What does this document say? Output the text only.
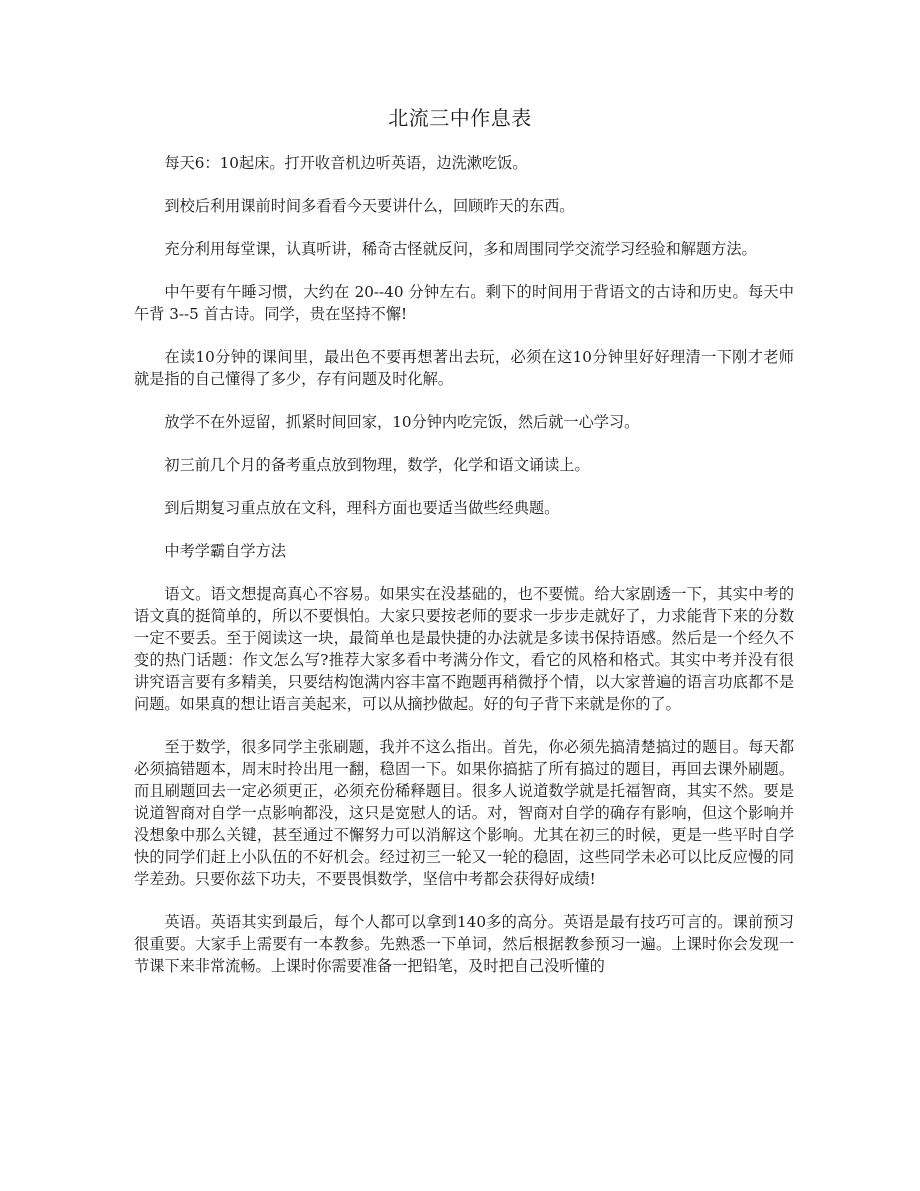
北流三中作息表

每天6：10起床。打开收音机边听英语，边洗漱吃饭。

到校后利用课前时间多看看今天要讲什么，回顾昨天的东西。

充分利用每堂课，认真听讲，稀奇古怪就反问，多和周围同学交流学习经验和解题方法。

中午要有午睡习惯，大约在 20--40 分钟左右。剩下的时间用于背语文的古诗和历史。每天中午背 3--5 首古诗。同学，贵在坚持不懈!

在读10分钟的课间里，最出色不要再想著出去玩，必须在这10分钟里好好理清一下刚才老师就是指的自己懂得了多少，存有问题及时化解。

放学不在外逗留，抓紧时间回家，10分钟内吃完饭，然后就一心学习。

初三前几个月的备考重点放到物理，数学，化学和语文诵读上。

到后期复习重点放在文科，理科方面也要适当做些经典题。

中考学霸自学方法

语文。语文想提高真心不容易。如果实在没基础的，也不要慌。给大家剧透一下，其实中考的语文真的挺简单的，所以不要惧怕。大家只要按老师的要求一步步走就好了，力求能背下来的分数一定不要丢。至于阅读这一块，最简单也是最快捷的办法就是多读书保持语感。然后是一个经久不变的热门话题：作文怎么写?推荐大家多看中考满分作文，看它的风格和格式。其实中考并没有很讲究语言要有多精美，只要结构饱满内容丰富不跑题再稍微抒个情，以大家普遍的语言功底都不是问题。如果真的想让语言美起来，可以从摘抄做起。好的句子背下来就是你的了。

至于数学，很多同学主张刷题，我并不这么指出。首先，你必须先搞清楚搞过的题目。每天都必须搞错题本，周末时拎出甩一翻，稳固一下。如果你搞掂了所有搞过的题目，再回去课外刷题。而且刷题回去一定必须更正，必须充份稀释题目。很多人说道数学就是托福智商，其实不然。要是说道智商对自学一点影响都没，这只是宽慰人的话。对，智商对自学的确存有影响，但这个影响并没想象中那么关键，甚至通过不懈努力可以消解这个影响。尤其在初三的时候，更是一些平时自学快的同学们赶上小队伍的不好机会。经过初三一轮又一轮的稳固，这些同学未必可以比反应慢的同学差劲。只要你兹下功夫，不要畏惧数学，坚信中考都会获得好成绩!

英语。英语其实到最后，每个人都可以拿到140多的高分。英语是最有技巧可言的。课前预习很重要。大家手上需要有一本教参。先熟悉一下单词，然后根据教参预习一遍。上课时你会发现一节课下来非常流畅。上课时你需要准备一把铅笔，及时把自己没听懂的
